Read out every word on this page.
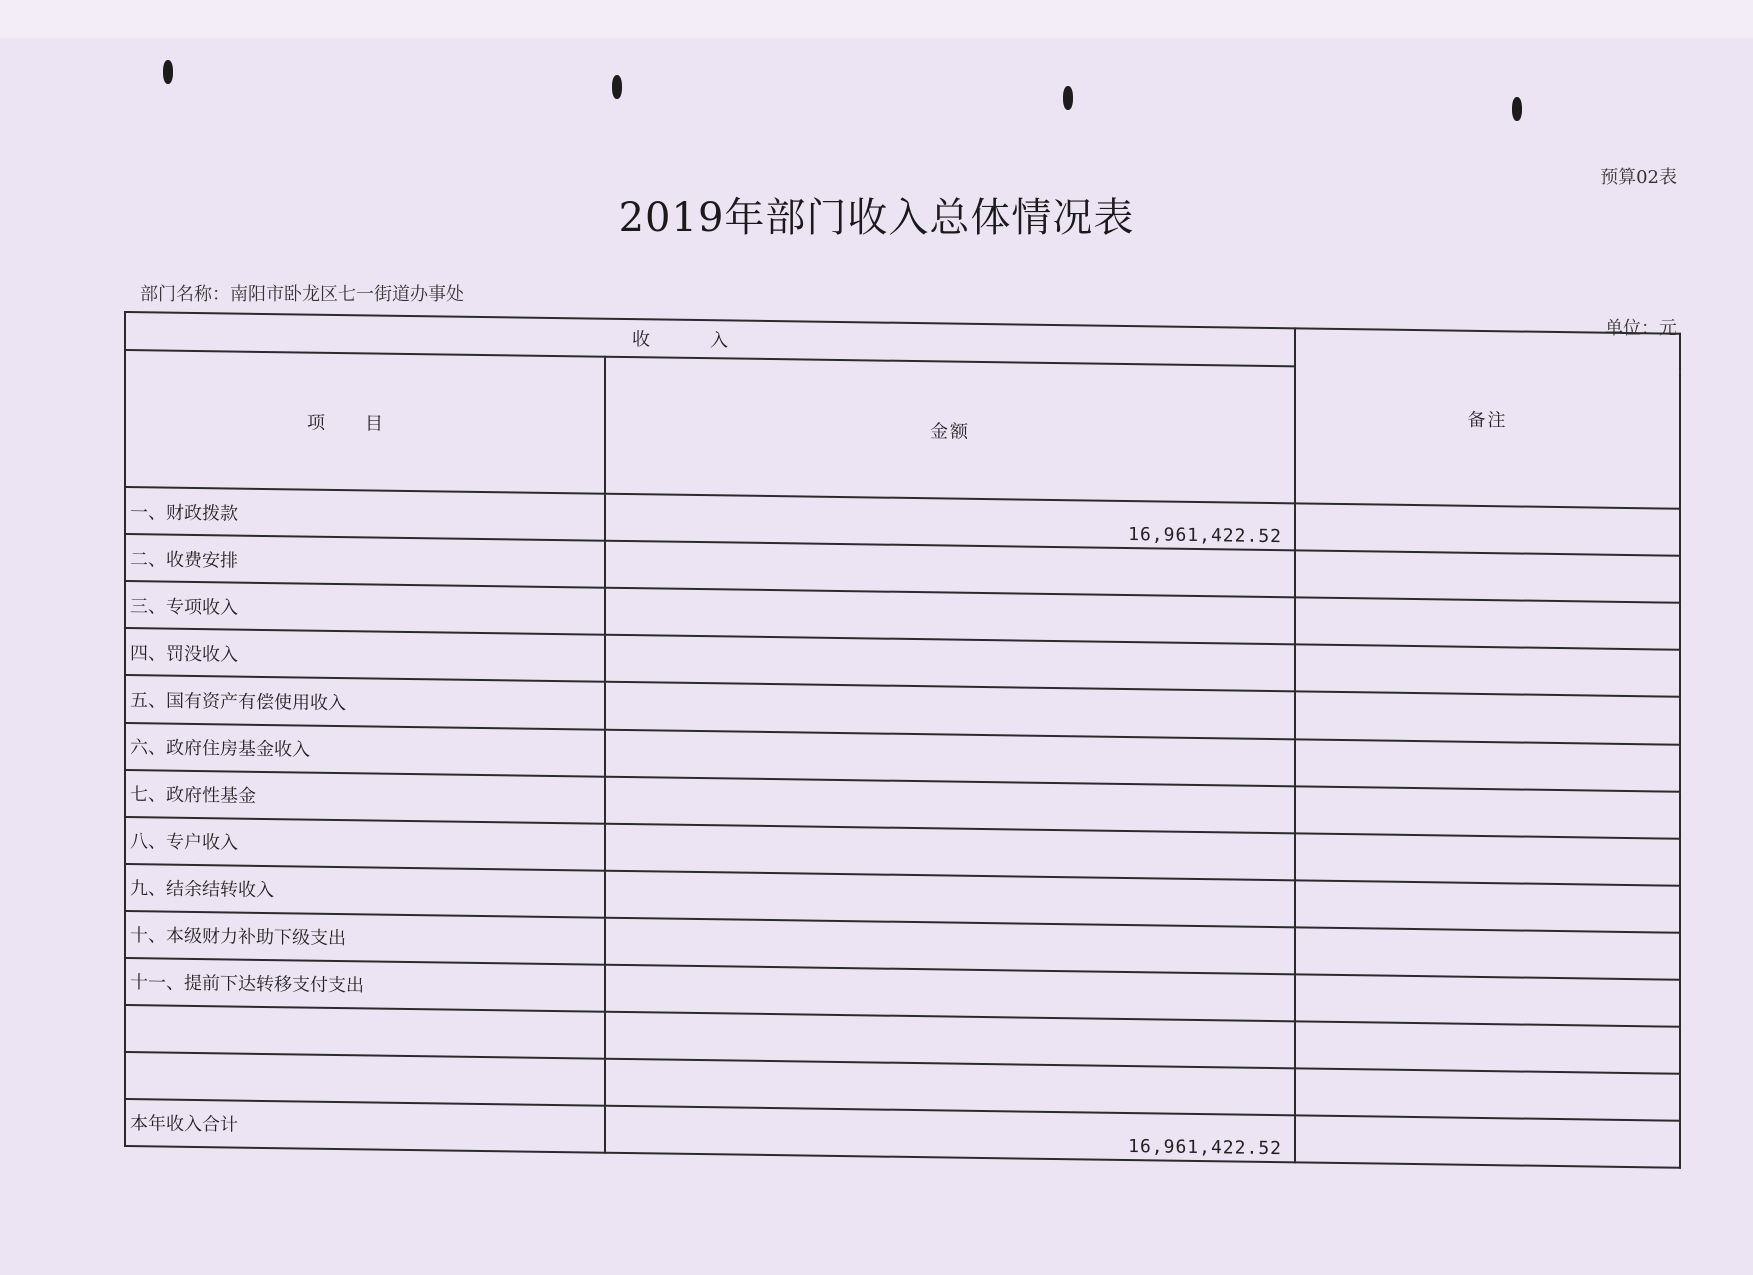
预算02表
2019年部门收入总体情况表
部门名称：南阳市卧龙区七一街道办事处
单位：元
收入		备注
项目	金额	
一、财政拨款	16,961,422.52	
二、收费安排		
三、专项收入		
四、罚没收入		
五、国有资产有偿使用收入		
六、政府住房基金收入		
七、政府性基金		
八、专户收入		
九、结余结转收入		
十、本级财力补助下级支出		
十一、提前下达转移支付支出		

本年收入合计	16,961,422.52	
